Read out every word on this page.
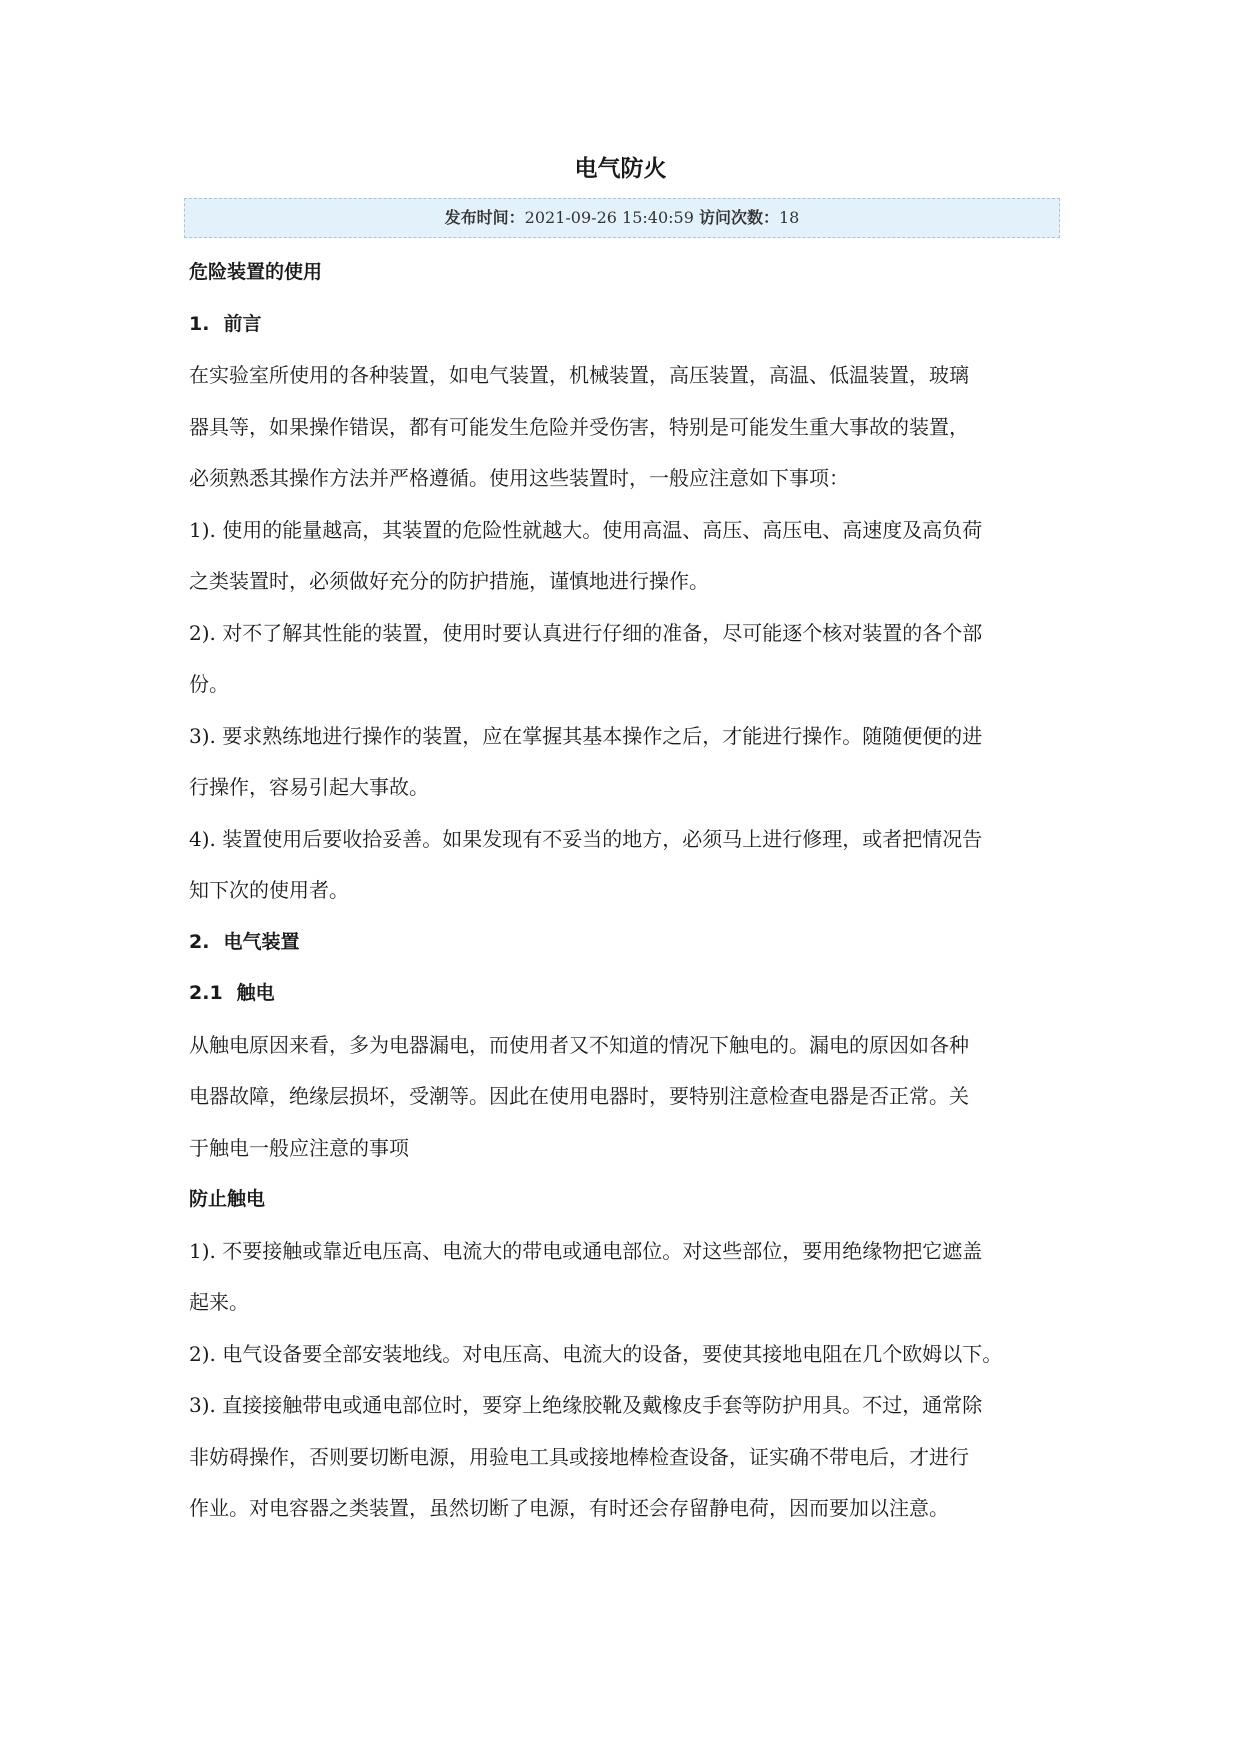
电气防火
发布时间：2021-09-26 15:40:59 访问次数：18
危险装置的使用
1. 前言
在实验室所使用的各种装置，如电气装置，机械装置，高压装置，高温、低温装置，玻璃
器具等，如果操作错误，都有可能发生危险并受伤害，特别是可能发生重大事故的装置，
必须熟悉其操作方法并严格遵循。使用这些装置时，一般应注意如下事项：
1). 使用的能量越高，其装置的危险性就越大。使用高温、高压、高压电、高速度及高负荷
之类装置时，必须做好充分的防护措施，谨慎地进行操作。
2). 对不了解其性能的装置，使用时要认真进行仔细的准备，尽可能逐个核对装置的各个部
份。
3). 要求熟练地进行操作的装置，应在掌握其基本操作之后，才能进行操作。随随便便的进
行操作，容易引起大事故。
4). 装置使用后要收拾妥善。如果发现有不妥当的地方，必须马上进行修理，或者把情况告
知下次的使用者。
2. 电气装置
2.1 触电
从触电原因来看，多为电器漏电，而使用者又不知道的情况下触电的。漏电的原因如各种
电器故障，绝缘层损坏，受潮等。因此在使用电器时，要特别注意检查电器是否正常。关
于触电一般应注意的事项
防止触电
1). 不要接触或靠近电压高、电流大的带电或通电部位。对这些部位，要用绝缘物把它遮盖
起来。
2). 电气设备要全部安装地线。对电压高、电流大的设备，要使其接地电阻在几个欧姆以下。
3). 直接接触带电或通电部位时，要穿上绝缘胶靴及戴橡皮手套等防护用具。不过，通常除
非妨碍操作，否则要切断电源，用验电工具或接地棒检查设备，证实确不带电后，才进行
作业。对电容器之类装置，虽然切断了电源，有时还会存留静电荷，因而要加以注意。
